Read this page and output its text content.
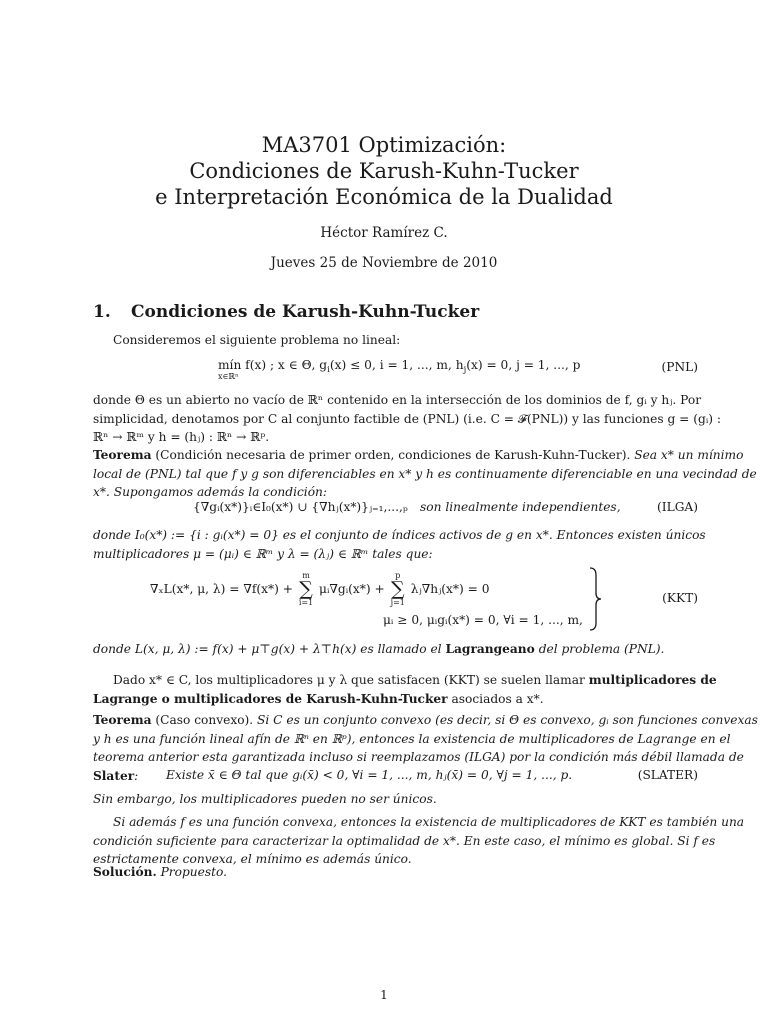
MA3701 Optimización:
Condiciones de Karush-Kuhn-Tucker
e Interpretación Económica de la Dualidad
Héctor Ramírez C.
Jueves 25 de Noviembre de 2010
1. Condiciones de Karush-Kuhn-Tucker
Consideremos el siguiente problema no lineal:
mín f(x) ; x ∈ Θ, g
x∈ℝⁿ
$_i$(x) ≤ 0, i = 1, ..., m, $h_j(x) = 0$, j = 1, ..., p	(PNL)
donde Θ es un abierto no vacío de ℝⁿ contenido en la intersección de los dominios de f, gᵢ y hⱼ. Por
simplicidad, denotamos por C al conjunto factible de (PNL) (i.e. C = 𝓕(PNL)) y las funciones g = (gᵢ) :
ℝⁿ → ℝᵐ y h = (hⱼ) : ℝⁿ → ℝᵖ.
Teorema (Condición necesaria de primer orden, condiciones de Karush-Kuhn-Tucker). Sea x* un mínimo
local de (PNL) tal que f y g son diferenciables en x* y h es continuamente diferenciable en una vecindad de
x*. Supongamos además la condición:
{∇gᵢ(x*)}ᵢ∈I₀(x*) ∪ {∇hⱼ(x*)}ⱼ₌₁,...,ₚ son linealmente independientes,	(ILGA)
donde I₀(x*) := {i : gᵢ(x*) = 0} es el conjunto de índices activos de g en x*. Entonces existen únicos
multiplicadores μ = (μᵢ) ∈ ℝᵐ y λ = (λⱼ) ∈ ℝᵐ tales que:
∇ₓL(x*, μ, λ) = ∇f(x*) +
m
∑
i=1
μᵢ∇gᵢ(x*) +
p
∑
j=1
λⱼ∇hⱼ(x*) = 0
μᵢ ≥ 0, μᵢgᵢ(x*) = 0, ∀i = 1, ..., m,
(KKT)
donde L(x, μ, λ) := f(x) + μ⊤g(x) + λ⊤h(x) es llamado el Lagrangeano del problema (PNL).
Dado x* ∈ C, los multiplicadores μ y λ que satisfacen (KKT) se suelen llamar multiplicadores de
Lagrange o multiplicadores de Karush-Kuhn-Tucker asociados a x*.
Teorema (Caso convexo). Si C es un conjunto convexo (es decir, si Θ es convexo, gᵢ son funciones convexas
y h es una función lineal afín de ℝⁿ en ℝᵖ), entonces la existencia de multiplicadores de Lagrange en el
teorema anterior esta garantizada incluso si reemplazamos (ILGA) por la condición más débil llamada de
Slater:	Existe x̄ ∈ Θ tal que gᵢ(x̄) < 0, ∀i = 1, ..., m, hⱼ(x̄) = 0, ∀j = 1, ..., p.	(SLATER)
Sin embargo, los multiplicadores pueden no ser únicos.
Si además f es una función convexa, entonces la existencia de multiplicadores de KKT es también una
condición suficiente para caracterizar la optimalidad de x*. En este caso, el mínimo es global. Si f es
estrictamente convexa, el mínimo es además único.
Solución. Propuesto.
1
